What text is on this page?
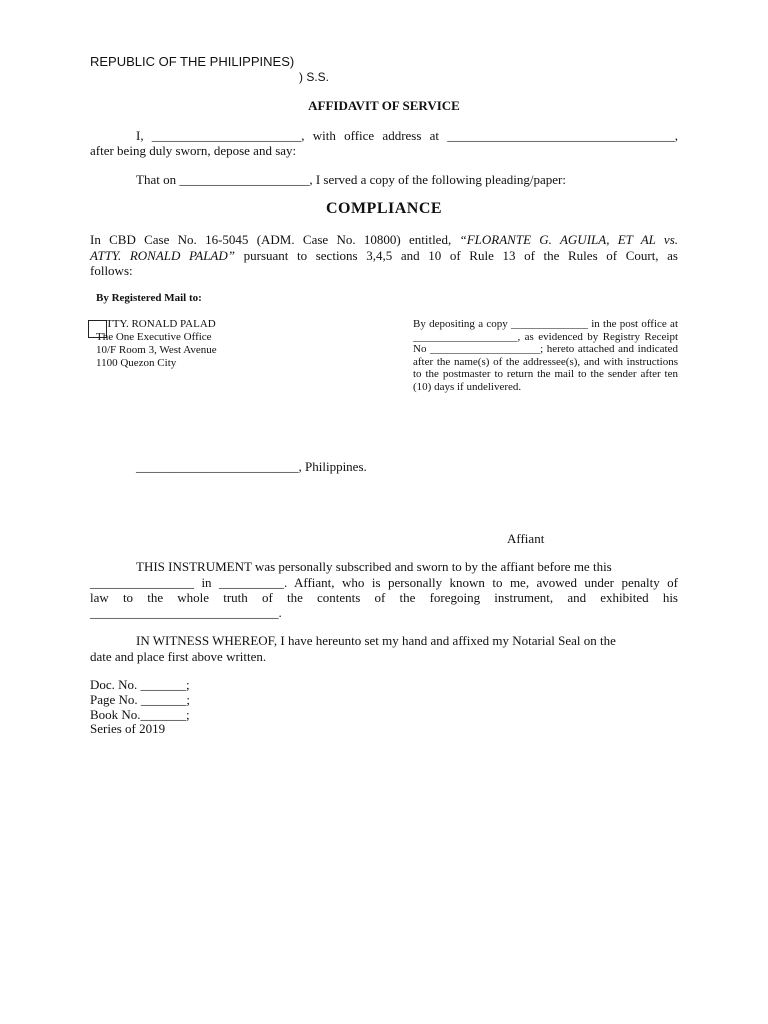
REPUBLIC OF THE PHILIPPINES)
) S.S.
AFFIDAVIT OF SERVICE
I, _______________________, with office address at ___________________________________,
after being duly sworn, depose and say:
That on ____________________, I served a copy of the following pleading/paper:
COMPLIANCE
In CBD Case No. 16-5045 (ADM. Case No. 10800) entitled, “FLORANTE G. AGUILA, ET AL vs.
ATTY. RONALD PALAD” pursuant to sections 3,4,5 and 10 of Rule 13 of the Rules of Court, as
follows:
By Registered Mail to:
TTY. RONALD PALAD
The One Executive Office
10/F Room 3, West Avenue
1100 Quezon City
By depositing a copy ______________ in the post office at ___________________, as evidenced by Registry Receipt No ____________________; hereto attached and indicated after the name(s) of the addressee(s), and with instructions to the postmaster to return the mail to the sender after ten (10) days if undelivered.
_________________________, Philippines.
Affiant
THIS INSTRUMENT was personally subscribed and sworn to by the affiant before me this
________________ in __________. Affiant, who is personally known to me, avowed under penalty of
law to the whole truth of the contents of the foregoing instrument, and exhibited his
_____________________________.
IN WITNESS WHEREOF, I have hereunto set my hand and affixed my Notarial Seal on the
date and place first above written.
Doc. No. _______;
Page No. _______;
Book No._______;
Series of 2019
